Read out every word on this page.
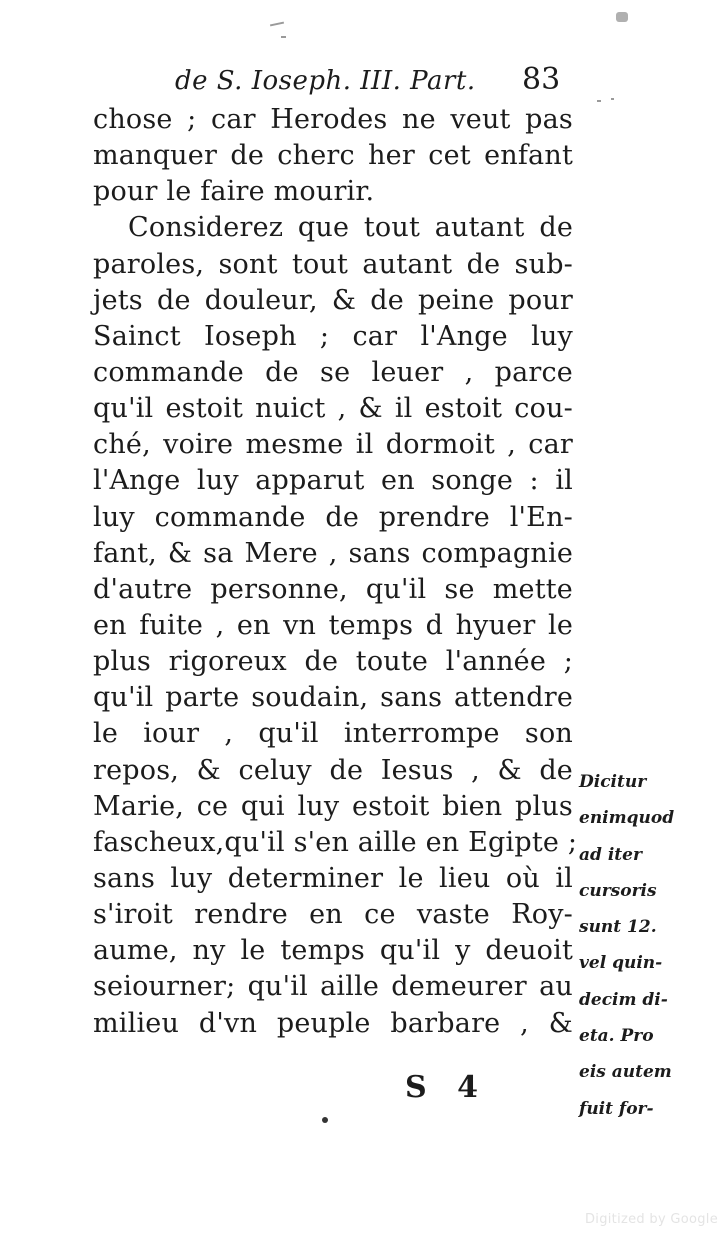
de S. Ioseph. III. Part. 83
chose ; car Herodes ne veut pas
manquer de cherc her cet enfant
pour le faire mourir.
Considerez que tout autant de
paroles, sont tout autant de sub-
jets de douleur, & de peine pour
Sainct Ioseph ; car l'Ange luy
commande de se leuer , parce
qu'il estoit nuict , & il estoit cou-
ché, voire mesme il dormoit , car
l'Ange luy apparut en songe : il
luy commande de prendre l'En-
fant, & sa Mere , sans compagnie
d'autre personne, qu'il se mette
en fuite , en vn temps d hyuer le
plus rigoreux de toute l'année ;
qu'il parte soudain, sans attendre
le iour , qu'il interrompe son
repos, & celuy de Iesus , & de
Marie, ce qui luy estoit bien plus
fascheux,qu'il s'en aille en Egipte ;
sans luy determiner le lieu où il
s'iroit rendre en ce vaste Roy-
aume, ny le temps qu'il y deuoit
seiourner; qu'il aille demeurer au
milieu d'vn peuple barbare , &
Dicitur
enimquod
ad iter
cursoris
sunt 12.
vel quin-
decim di-
eta. Pro
eis autem
fuit for-
S 4
Digitized by Google
